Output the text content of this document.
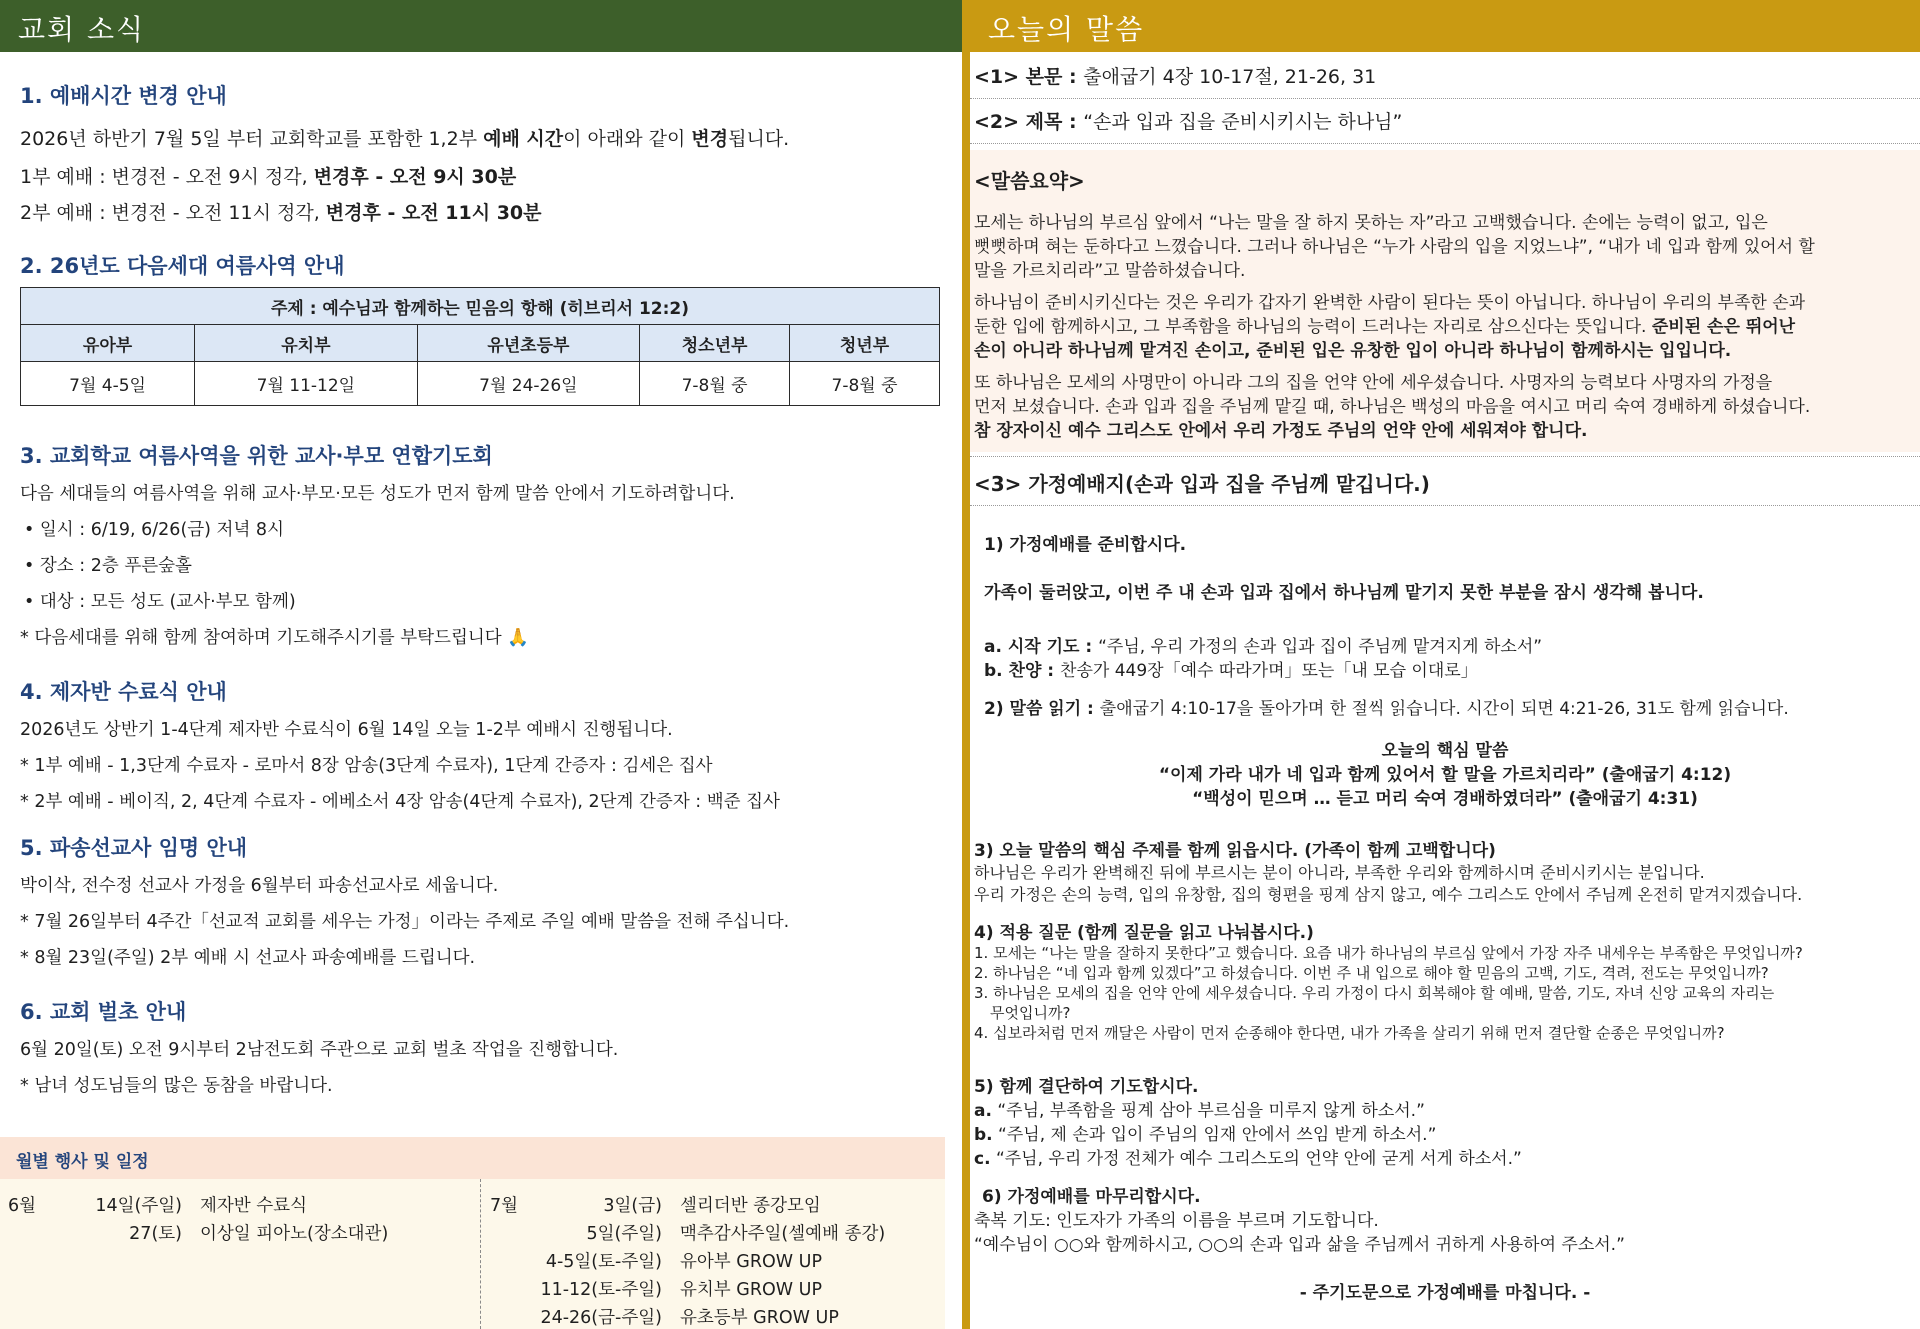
교회 소식
1. 예배시간 변경 안내
2026년 하반기 7월 5일 부터 교회학교를 포함한 1,2부 예배 시간이 아래와 같이 변경됩니다.
1부 예배 : 변경전 - 오전 9시 정각, 변경후 - 오전 9시 30분
2부 예배 : 변경전 - 오전 11시 정각, 변경후 - 오전 11시 30분
2. 26년도 다음세대 여름사역 안내
주제 : 예수님과 함께하는 믿음의 항해 (히브리서 12:2)				
유아부	유치부	유년초등부	청소년부	청년부
7월 4-5일	7월 11-12일	7월 24-26일	7-8월 중	7-8월 중
3. 교회학교 여름사역을 위한 교사·부모 연합기도회
다음 세대들의 여름사역을 위해 교사·부모·모든 성도가 먼저 함께 말씀 안에서 기도하려합니다.
• 일시 : 6/19, 6/26(금) 저녁 8시
• 장소 : 2층 푸른숲홀
• 대상 : 모든 성도 (교사·부모 함께)
* 다음세대를 위해 함께 참여하며 기도해주시기를 부탁드립니다 🙏
4. 제자반 수료식 안내
2026년도 상반기 1-4단계 제자반 수료식이 6월 14일 오늘 1-2부 예배시 진행됩니다.
* 1부 예배 - 1,3단계 수료자 - 로마서 8장 암송(3단계 수료자), 1단계 간증자 : 김세은 집사
* 2부 예배 - 베이직, 2, 4단계 수료자 - 에베소서 4장 암송(4단계 수료자), 2단계 간증자 : 백준 집사
5. 파송선교사 임명 안내
박이삭, 전수정 선교사 가정을 6월부터 파송선교사로 세웁니다.
* 7월 26일부터 4주간「선교적 교회를 세우는 가정」이라는 주제로 주일 예배 말씀을 전해 주십니다.
* 8월 23일(주일) 2부 예배 시 선교사 파송예배를 드립니다.
6. 교회 벌초 안내
6월 20일(토) 오전 9시부터 2남전도회 주관으로 교회 벌초 작업을 진행합니다.
* 남녀 성도님들의 많은 동참을 바랍니다.
월별 행사 및 일정
6월	14일(주일) 제자반 수료식
27(토) 이상일 피아노(장소대관)
7월	3일(금) 셀리더반 종강모임
5일(주일) 맥추감사주일(셀예배 종강)
4-5일(토-주일) 유아부 GROW UP
11-12(토-주일) 유치부 GROW UP
24-26(금-주일) 유초등부 GROW UP
오늘의 말씀
<1> 본문 : 출애굽기 4장 10-17절, 21-26, 31
<2> 제목 : “손과 입과 집을 준비시키시는 하나님”
<말씀요약>
모세는 하나님의 부르심 앞에서 “나는 말을 잘 하지 못하는 자”라고 고백했습니다. 손에는 능력이 없고, 입은
뻣뻣하며 혀는 둔하다고 느꼈습니다. 그러나 하나님은 “누가 사람의 입을 지었느냐”, “내가 네 입과 함께 있어서 할
말을 가르치리라”고 말씀하셨습니다.
하나님이 준비시키신다는 것은 우리가 갑자기 완벽한 사람이 된다는 뜻이 아닙니다. 하나님이 우리의 부족한 손과
둔한 입에 함께하시고, 그 부족함을 하나님의 능력이 드러나는 자리로 삼으신다는 뜻입니다. 준비된 손은 뛰어난
손이 아니라 하나님께 맡겨진 손이고, 준비된 입은 유창한 입이 아니라 하나님이 함께하시는 입입니다.
또 하나님은 모세의 사명만이 아니라 그의 집을 언약 안에 세우셨습니다. 사명자의 능력보다 사명자의 가정을
먼저 보셨습니다. 손과 입과 집을 주님께 맡길 때, 하나님은 백성의 마음을 여시고 머리 숙여 경배하게 하셨습니다.
참 장자이신 예수 그리스도 안에서 우리 가정도 주님의 언약 안에 세워져야 합니다.
<3> 가정예배지(손과 입과 집을 주님께 맡깁니다.)
1) 가정예배를 준비합시다.
가족이 둘러앉고, 이번 주 내 손과 입과 집에서 하나님께 맡기지 못한 부분을 잠시 생각해 봅니다.
a. 시작 기도 : “주님, 우리 가정의 손과 입과 집이 주님께 맡겨지게 하소서”
b. 찬양 : 찬송가 449장「예수 따라가며」또는「내 모습 이대로」
2) 말씀 읽기 : 출애굽기 4:10-17을 돌아가며 한 절씩 읽습니다. 시간이 되면 4:21-26, 31도 함께 읽습니다.
오늘의 핵심 말씀
“이제 가라 내가 네 입과 함께 있어서 할 말을 가르치리라” (출애굽기 4:12)
“백성이 믿으며 … 듣고 머리 숙여 경배하였더라” (출애굽기 4:31)
3) 오늘 말씀의 핵심 주제를 함께 읽읍시다. (가족이 함께 고백합니다)
하나님은 우리가 완벽해진 뒤에 부르시는 분이 아니라, 부족한 우리와 함께하시며 준비시키시는 분입니다.
우리 가정은 손의 능력, 입의 유창함, 집의 형편을 핑계 삼지 않고, 예수 그리스도 안에서 주님께 온전히 맡겨지겠습니다.
4) 적용 질문 (함께 질문을 읽고 나눠봅시다.)
1. 모세는 “나는 말을 잘하지 못한다”고 했습니다. 요즘 내가 하나님의 부르심 앞에서 가장 자주 내세우는 부족함은 무엇입니까?
2. 하나님은 “네 입과 함께 있겠다”고 하셨습니다. 이번 주 내 입으로 해야 할 믿음의 고백, 기도, 격려, 전도는 무엇입니까?
3. 하나님은 모세의 집을 언약 안에 세우셨습니다. 우리 가정이 다시 회복해야 할 예배, 말씀, 기도, 자녀 신앙 교육의 자리는
무엇입니까?
4. 십보라처럼 먼저 깨달은 사람이 먼저 순종해야 한다면, 내가 가족을 살리기 위해 먼저 결단할 순종은 무엇입니까?
5) 함께 결단하여 기도합시다.
a. “주님, 부족함을 핑계 삼아 부르심을 미루지 않게 하소서.”
b. “주님, 제 손과 입이 주님의 임재 안에서 쓰임 받게 하소서.”
c. “주님, 우리 가정 전체가 예수 그리스도의 언약 안에 굳게 서게 하소서.”
6) 가정예배를 마무리합시다.
축복 기도: 인도자가 가족의 이름을 부르며 기도합니다.
“예수님이 ○○와 함께하시고, ○○의 손과 입과 삶을 주님께서 귀하게 사용하여 주소서.”
- 주기도문으로 가정예배를 마칩니다. -
